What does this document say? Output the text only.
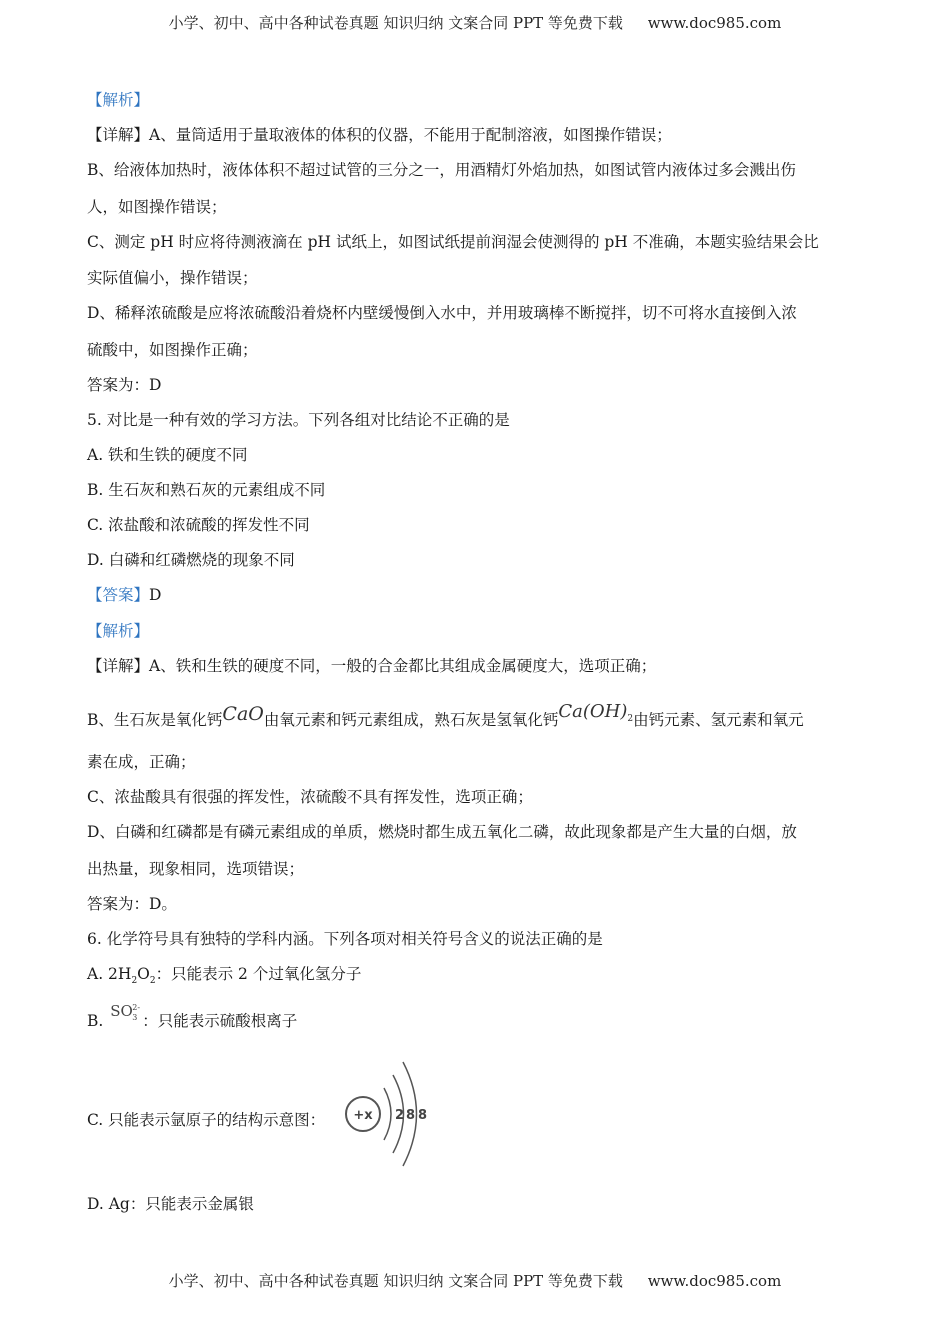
小学、初中、高中各种试卷真题 知识归纳 文案合同 PPT 等免费下载 www.doc985.com
【解析】
【详解】A、量筒适用于量取液体的体积的仪器，不能用于配制溶液，如图操作错误；
B、给液体加热时，液体体积不超过试管的三分之一，用酒精灯外焰加热，如图试管内液体过多会溅出伤
人，如图操作错误；
C、测定 pH 时应将待测液滴在 pH 试纸上，如图试纸提前润湿会使测得的 pH 不准确，本题实验结果会比
实际值偏小，操作错误；
D、稀释浓硫酸是应将浓硫酸沿着烧杯内壁缓慢倒入水中，并用玻璃棒不断搅拌，切不可将水直接倒入浓
硫酸中，如图操作正确；
答案为：D
5. 对比是一种有效的学习方法。下列各组对比结论不正确的是
A. 铁和生铁的硬度不同
B. 生石灰和熟石灰的元素组成不同
C. 浓盐酸和浓硫酸的挥发性不同
D. 白磷和红磷燃烧的现象不同
【答案】D
【解析】
【详解】A、铁和生铁的硬度不同，一般的合金都比其组成金属硬度大，选项正确；
B、生石灰是氧化钙CaO由氧元素和钙元素组成，熟石灰是氢氧化钙$Ca(OH)_2$由钙元素、氢元素和氧元
素在成，正确；
C、浓盐酸具有很强的挥发性，浓硫酸不具有挥发性，选项正确；
D、白磷和红磷都是有磷元素组成的单质，燃烧时都生成五氧化二磷，故此现象都是产生大量的白烟，放
出热量，现象相同，选项错误；
答案为：D。
6. 化学符号具有独特的学科内涵。下列各项对相关符号含义的说法正确的是
A. $2H_2O_2$：只能表示 2 个过氧化氢分子
B.
SO 3
2-
：只能表示硫酸根离子
C. 只能表示氩原子的结构示意图： +x 2 8 8
D. Ag：只能表示金属银
小学、初中、高中各种试卷真题 知识归纳 文案合同 PPT 等免费下载 www.doc985.com
